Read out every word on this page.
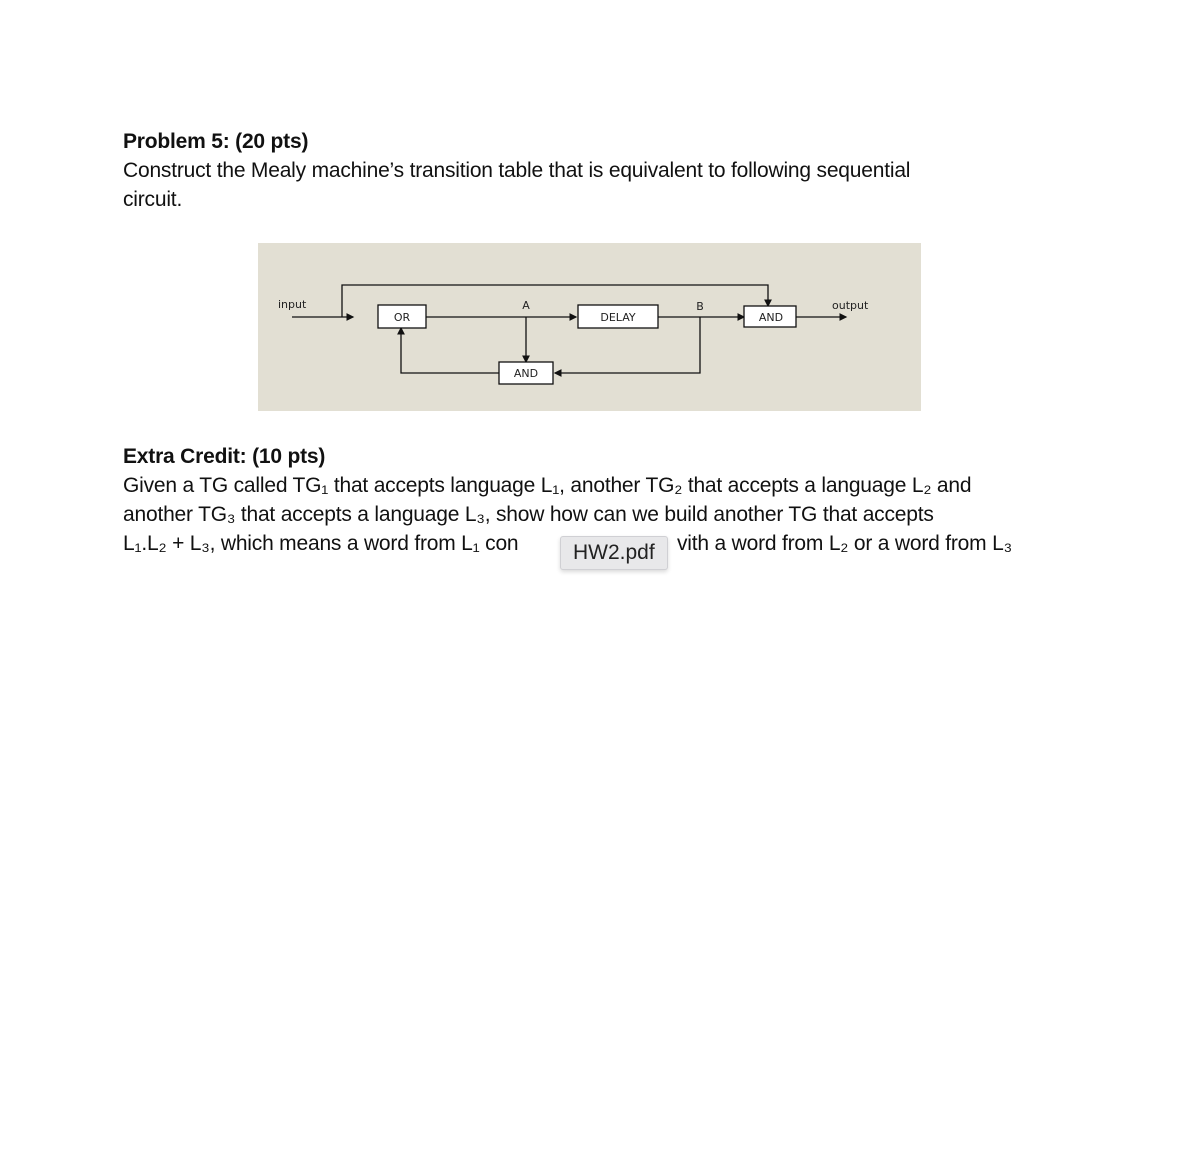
Problem 5: (20 pts)
Construct the Mealy machine’s transition table that is equivalent to following sequential
circuit.
input	output
OR	DELAY	AND
AND
A	B
Extra Credit: (10 pts)
Given a TG called TG₁ that accepts language L₁, another TG₂ that accepts a language L₂ and
another TG₃ that accepts a language L₃, show how can we build another TG that accepts
L₁.L₂ + L₃, which means a word from L₁ con	vith a word from L₂ or a word from L₃
HW2.pdf
